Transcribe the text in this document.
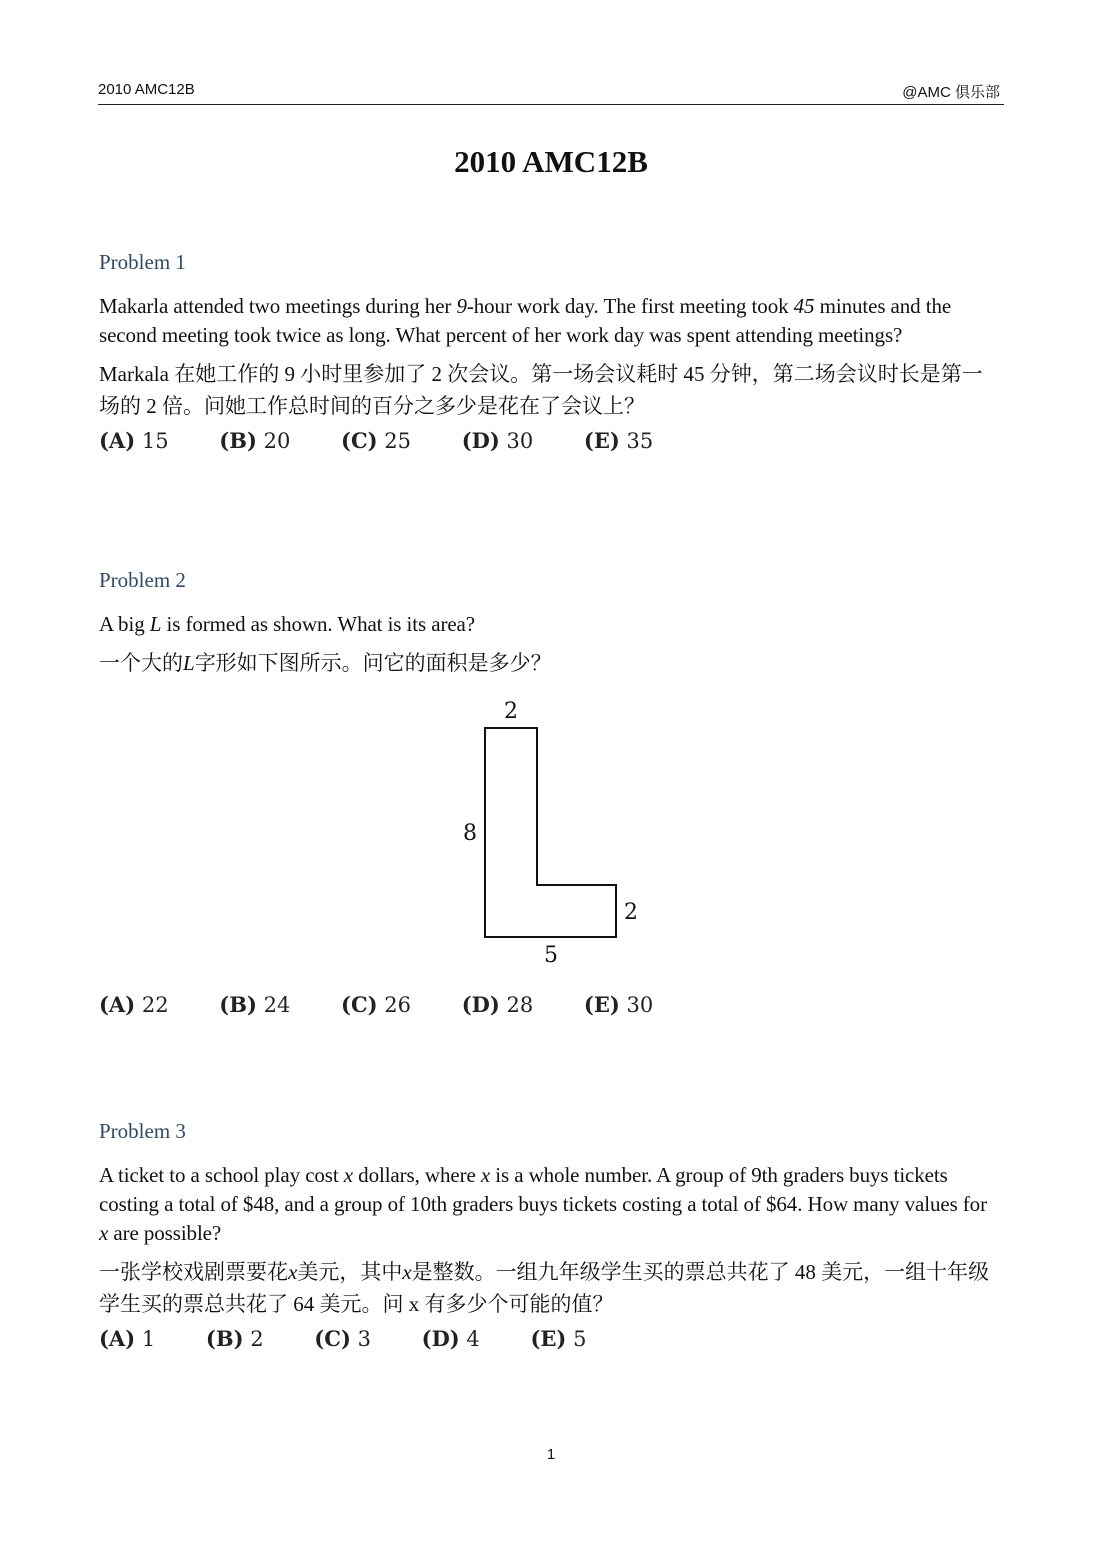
2010 AMC12B	@AMC 俱乐部
2010 AMC12B
Problem 1
Makarla attended two meetings during her 9-hour work day. The first meeting took 45 minutes and the second meeting took twice as long. What percent of her work day was spent attending meetings?
Markala 在她工作的 9 小时里参加了 2 次会议。第一场会议耗时 45 分钟，第二场会议时长是第一场的 2 倍。问她工作总时间的百分之多少是花在了会议上？
(A) 15 (B) 20 (C) 25 (D) 30 (E) 35
Problem 2
A big L is formed as shown. What is its area?
一个大的L字形如下图所示。问它的面积是多少？
2
8
2
5
(A) 22 (B) 24 (C) 26 (D) 28 (E) 30
Problem 3
A ticket to a school play cost x dollars, where x is a whole number. A group of 9th graders buys tickets costing a total of $48, and a group of 10th graders buys tickets costing a total of $64. How many values for x are possible?
一张学校戏剧票要花x美元，其中x是整数。一组九年级学生买的票总共花了 48 美元，一组十年级学生买的票总共花了 64 美元。问 x 有多少个可能的值？
(A) 1 (B) 2 (C) 3 (D) 4 (E) 5
1
